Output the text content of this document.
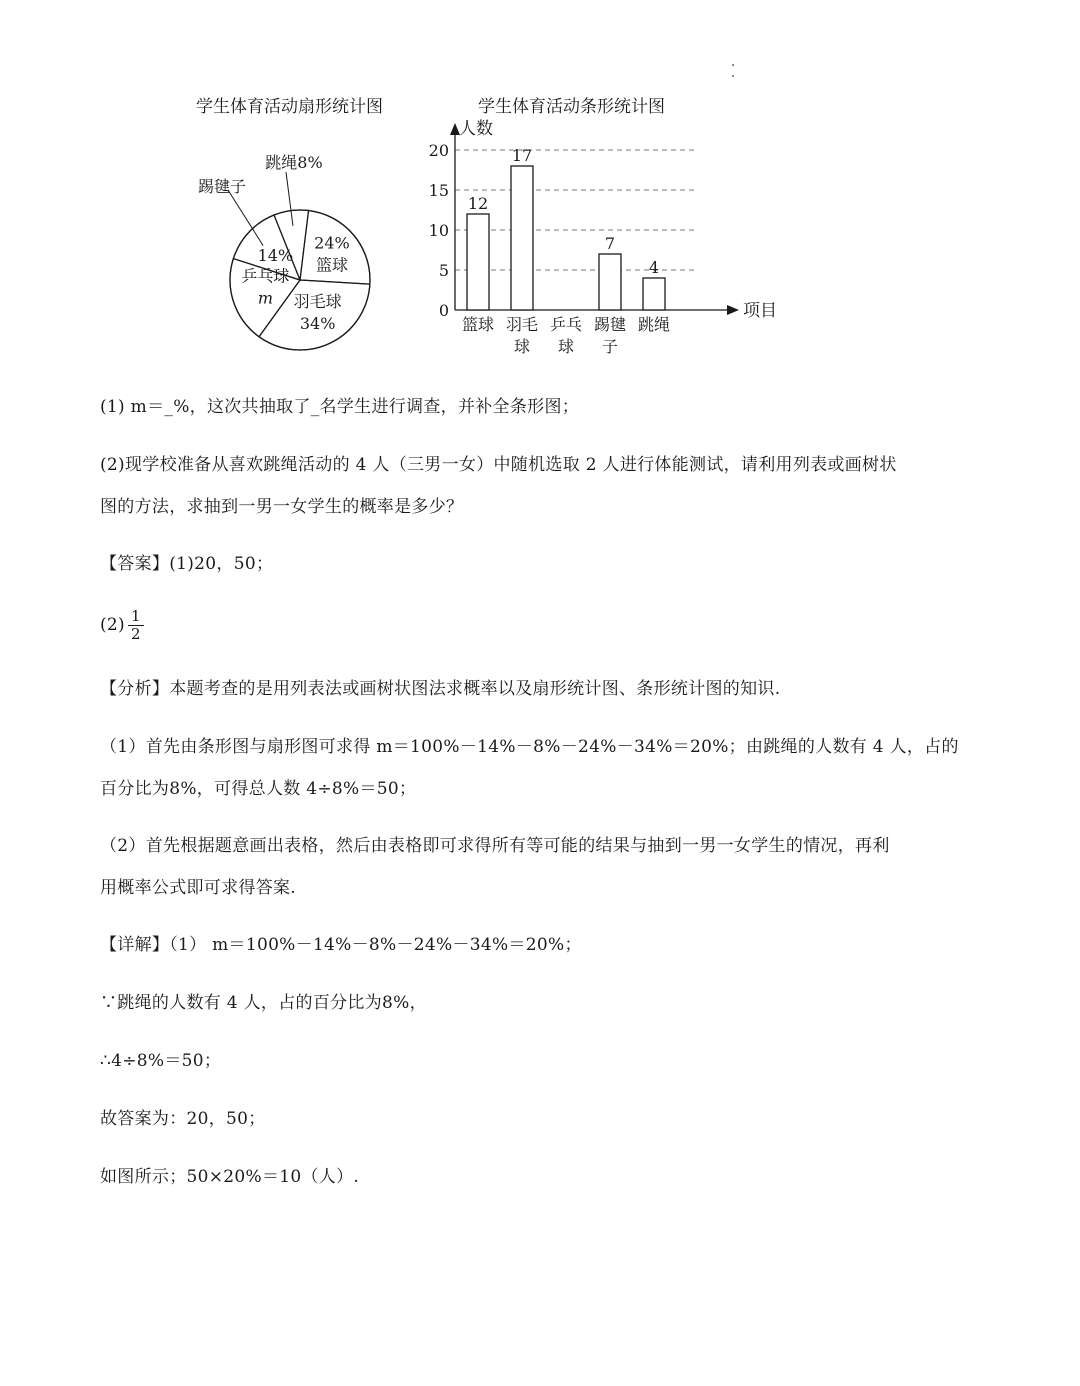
学生体育活动扇形统计图	学生体育活动条形统计图
24%
篮球
羽毛球
34%
乒乓球
m
14%
踢毽子
跳绳8%
0
5
10
15
20
人数
项目
12
篮球
17
羽毛
球
乒乓
球
7
踢毽
子
4
跳绳
(1) m＝_%，这次共抽取了_名学生进行调查，并补全条形图；
(2)现学校准备从喜欢跳绳活动的 4 人（三男一女）中随机选取 2 人进行体能测试，请利用列表或画树状
图的方法，求抽到一男一女学生的概率是多少？
【答案】(1)20，50；
$(2) \frac{1}{2}$
【分析】本题考查的是用列表法或画树状图法求概率以及扇形统计图、条形统计图的知识.
（1）首先由条形图与扇形图可求得 m＝100%－14%－8%－24%－34%＝20%；由跳绳的人数有 4 人，占的
百分比为8%，可得总人数 4÷8%＝50；
（2）首先根据题意画出表格，然后由表格即可求得所有等可能的结果与抽到一男一女学生的情况，再利
用概率公式即可求得答案.
【详解】（1） m＝100%－14%－8%－24%－34%＝20%；
∵跳绳的人数有 4 人，占的百分比为8%，
∴4÷8%＝50；
故答案为：20，50；
如图所示；50×20%＝10（人）.
